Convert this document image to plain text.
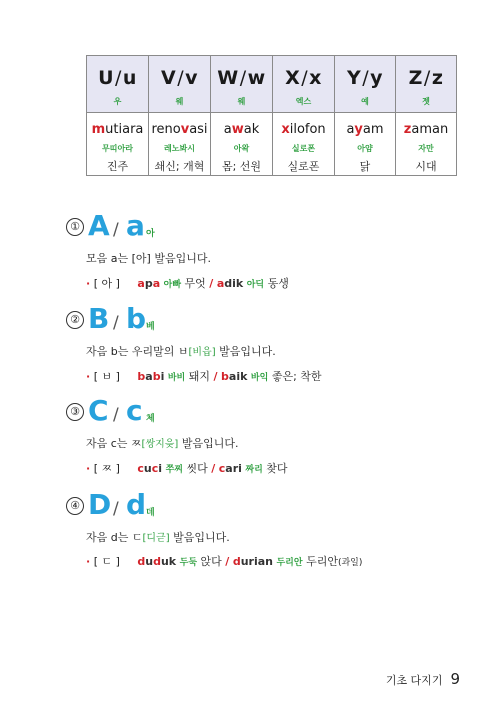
U/u
우
mutiara
무띠아라
진주
V/v
웨
renovasi
레노봐시
쇄신; 개혁
W/w
웨
awak
아왁
몸; 선원
X/x
엑스
xilofon
실로폰
실로폰
Y/y
예
ayam
아얌
닭
Z/z
젯
zaman
자만
시대
① A / a 아
모음 a는 [아] 발음입니다.
· [ 아 ] apa 아빠 무엇 / adik 아딕 동생
② B / b 베
자음 b는 우리말의 ㅂ[비읍] 발음입니다.
· [ ㅂ ] babi 바비 돼지 / baik 바익 좋은; 착한
③ C / c 체
자음 c는 ㅉ[쌍지읒] 발음입니다.
· [ ㅉ ] cuci 쭈찌 씻다 / cari 짜리 찾다
④ D / d 데
자음 d는 ㄷ[디귿] 발음입니다.
· [ ㄷ ] duduk 두둑 앉다 / durian 두리안 두리안(과일)
기초 다지기 9
